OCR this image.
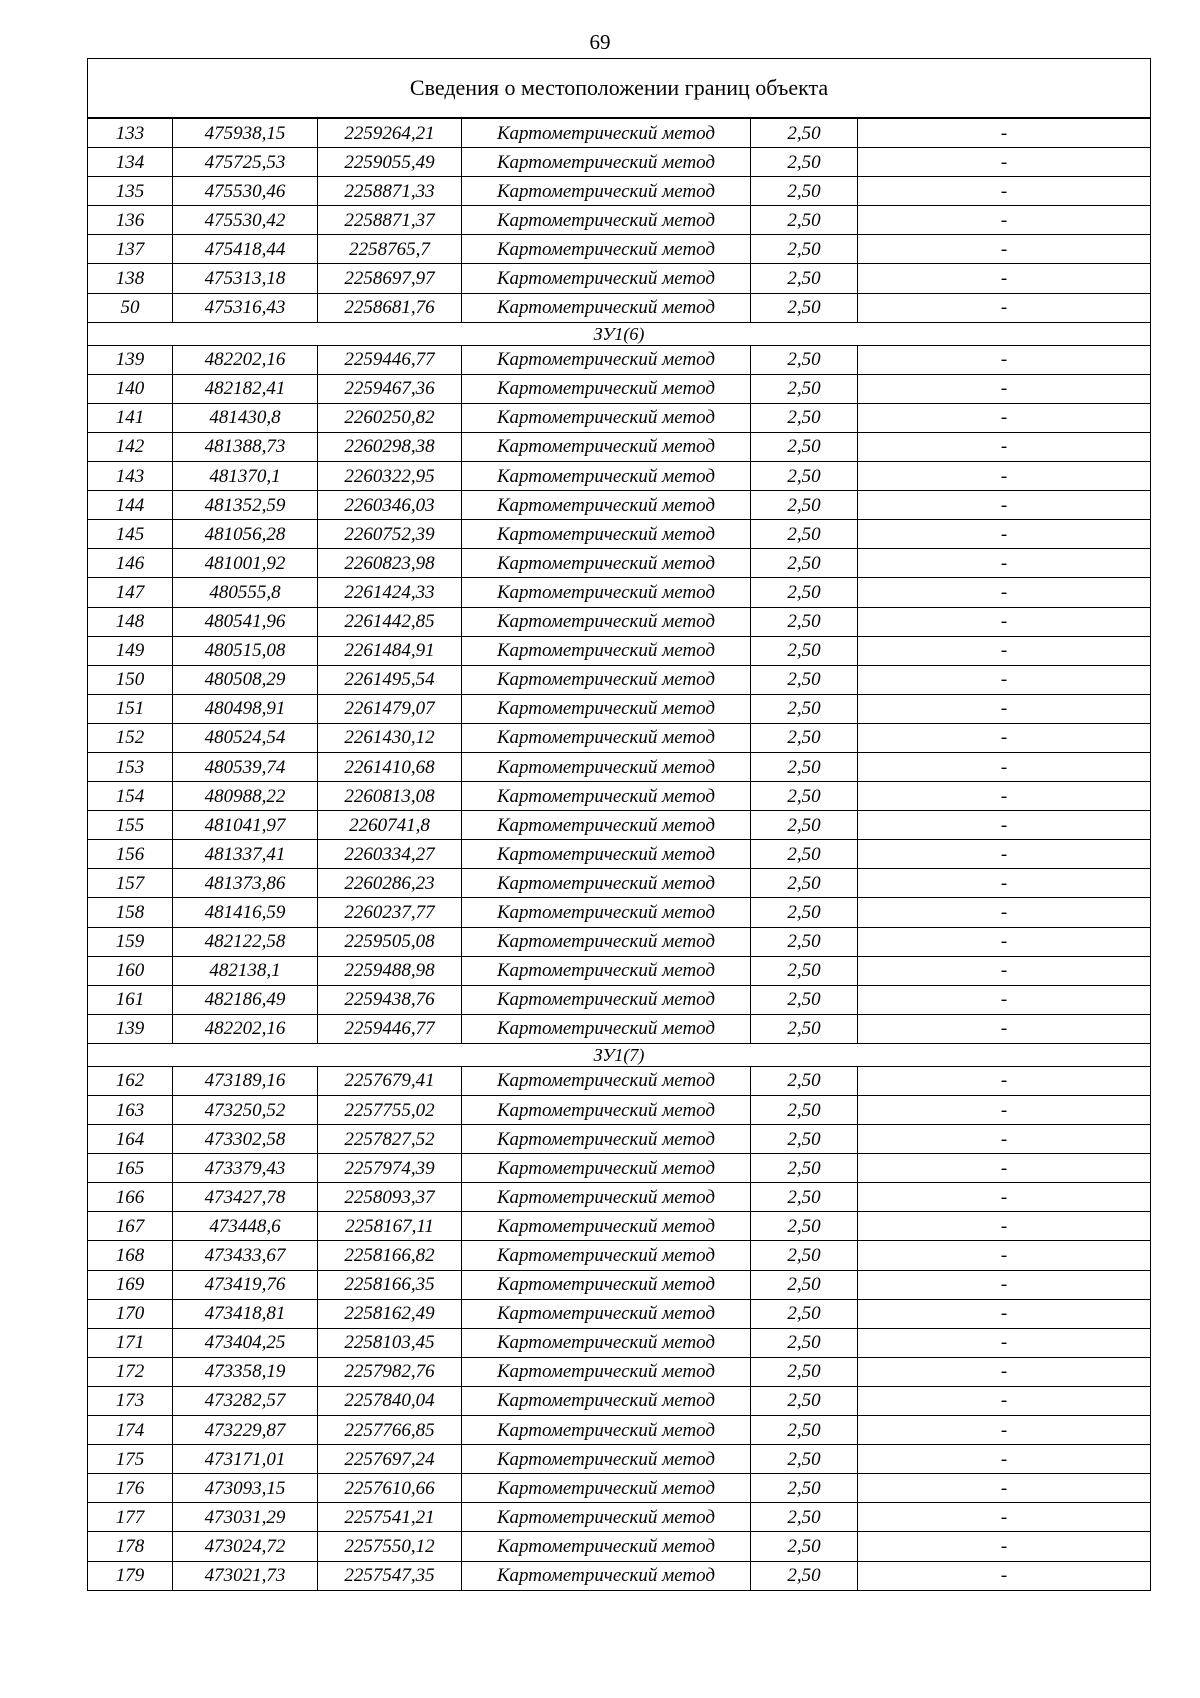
69
Сведения о местоположении границ объекта					
133	475938,15	2259264,21	Картометрический метод	2,50	-
134	475725,53	2259055,49	Картометрический метод	2,50	-
135	475530,46	2258871,33	Картометрический метод	2,50	-
136	475530,42	2258871,37	Картометрический метод	2,50	-
137	475418,44	2258765,7	Картометрический метод	2,50	-
138	475313,18	2258697,97	Картометрический метод	2,50	-
50	475316,43	2258681,76	Картометрический метод	2,50	-
ЗУ1(6)					
139	482202,16	2259446,77	Картометрический метод	2,50	-
140	482182,41	2259467,36	Картометрический метод	2,50	-
141	481430,8	2260250,82	Картометрический метод	2,50	-
142	481388,73	2260298,38	Картометрический метод	2,50	-
143	481370,1	2260322,95	Картометрический метод	2,50	-
144	481352,59	2260346,03	Картометрический метод	2,50	-
145	481056,28	2260752,39	Картометрический метод	2,50	-
146	481001,92	2260823,98	Картометрический метод	2,50	-
147	480555,8	2261424,33	Картометрический метод	2,50	-
148	480541,96	2261442,85	Картометрический метод	2,50	-
149	480515,08	2261484,91	Картометрический метод	2,50	-
150	480508,29	2261495,54	Картометрический метод	2,50	-
151	480498,91	2261479,07	Картометрический метод	2,50	-
152	480524,54	2261430,12	Картометрический метод	2,50	-
153	480539,74	2261410,68	Картометрический метод	2,50	-
154	480988,22	2260813,08	Картометрический метод	2,50	-
155	481041,97	2260741,8	Картометрический метод	2,50	-
156	481337,41	2260334,27	Картометрический метод	2,50	-
157	481373,86	2260286,23	Картометрический метод	2,50	-
158	481416,59	2260237,77	Картометрический метод	2,50	-
159	482122,58	2259505,08	Картометрический метод	2,50	-
160	482138,1	2259488,98	Картометрический метод	2,50	-
161	482186,49	2259438,76	Картометрический метод	2,50	-
139	482202,16	2259446,77	Картометрический метод	2,50	-
ЗУ1(7)					
162	473189,16	2257679,41	Картометрический метод	2,50	-
163	473250,52	2257755,02	Картометрический метод	2,50	-
164	473302,58	2257827,52	Картометрический метод	2,50	-
165	473379,43	2257974,39	Картометрический метод	2,50	-
166	473427,78	2258093,37	Картометрический метод	2,50	-
167	473448,6	2258167,11	Картометрический метод	2,50	-
168	473433,67	2258166,82	Картометрический метод	2,50	-
169	473419,76	2258166,35	Картометрический метод	2,50	-
170	473418,81	2258162,49	Картометрический метод	2,50	-
171	473404,25	2258103,45	Картометрический метод	2,50	-
172	473358,19	2257982,76	Картометрический метод	2,50	-
173	473282,57	2257840,04	Картометрический метод	2,50	-
174	473229,87	2257766,85	Картометрический метод	2,50	-
175	473171,01	2257697,24	Картометрический метод	2,50	-
176	473093,15	2257610,66	Картометрический метод	2,50	-
177	473031,29	2257541,21	Картометрический метод	2,50	-
178	473024,72	2257550,12	Картометрический метод	2,50	-
179	473021,73	2257547,35	Картометрический метод	2,50	-
